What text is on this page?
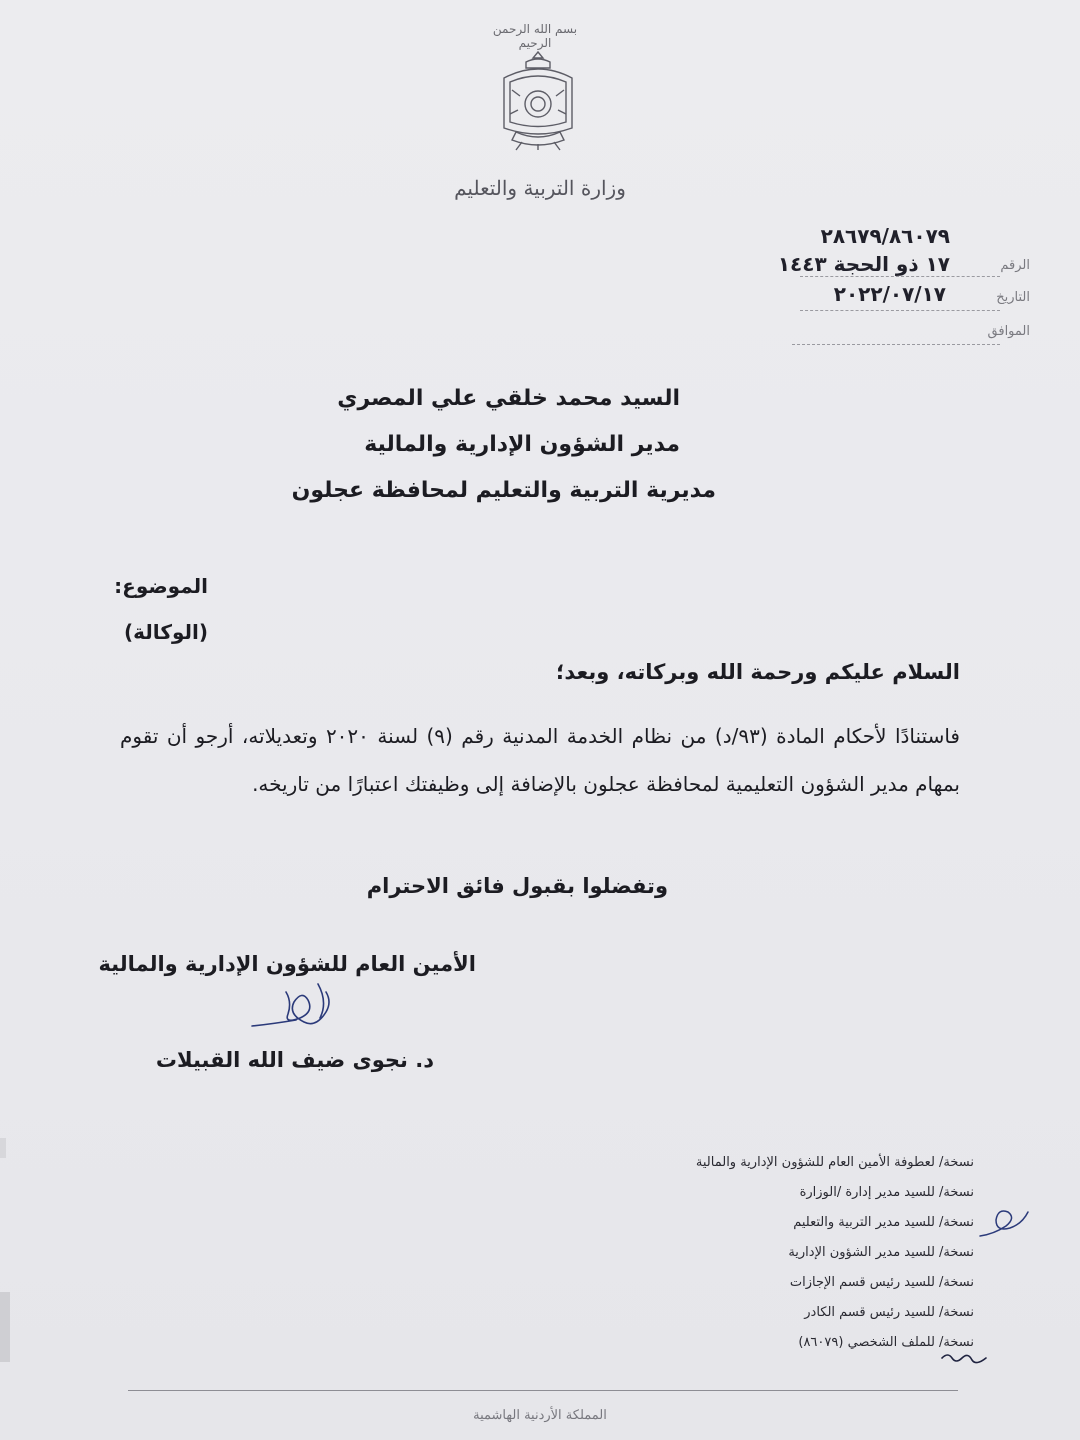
بسم الله الرحمن الرحيم
وزارة التربية والتعليم
الرقم
التاريخ
الموافق
٢٨٦٧٩/٨٦٠٧٩
١٧ ذو الحجة ١٤٤٣
٢٠٢٢/٠٧/١٧
السيد محمد خلقي علي المصري
مدير الشؤون الإدارية والمالية
مديرية التربية والتعليم لمحافظة عجلون
الموضوع:
(الوكالة)
السلام عليكم ورحمة الله وبركاته، وبعد؛
فاستنادًا لأحكام المادة (٩٣/د) من نظام الخدمة المدنية رقم (٩) لسنة ٢٠٢٠ وتعديلاته، أرجو أن تقوم بمهام مدير الشؤون التعليمية لمحافظة عجلون بالإضافة إلى وظيفتك اعتبارًا من تاريخه.
وتفضلوا بقبول فائق الاحترام
الأمين العام للشؤون الإدارية والمالية
د. نجوى ضيف الله القبيلات
نسخة/ لعطوفة الأمين العام للشؤون الإدارية والمالية
نسخة/ للسيد مدير إدارة /الوزارة
نسخة/ للسيد مدير التربية والتعليم
نسخة/ للسيد مدير الشؤون الإدارية
نسخة/ للسيد رئيس قسم الإجازات
نسخة/ للسيد رئيس قسم الكادر
نسخة/ للملف الشخصي (٨٦٠٧٩)
المملكة الأردنية الهاشمية
